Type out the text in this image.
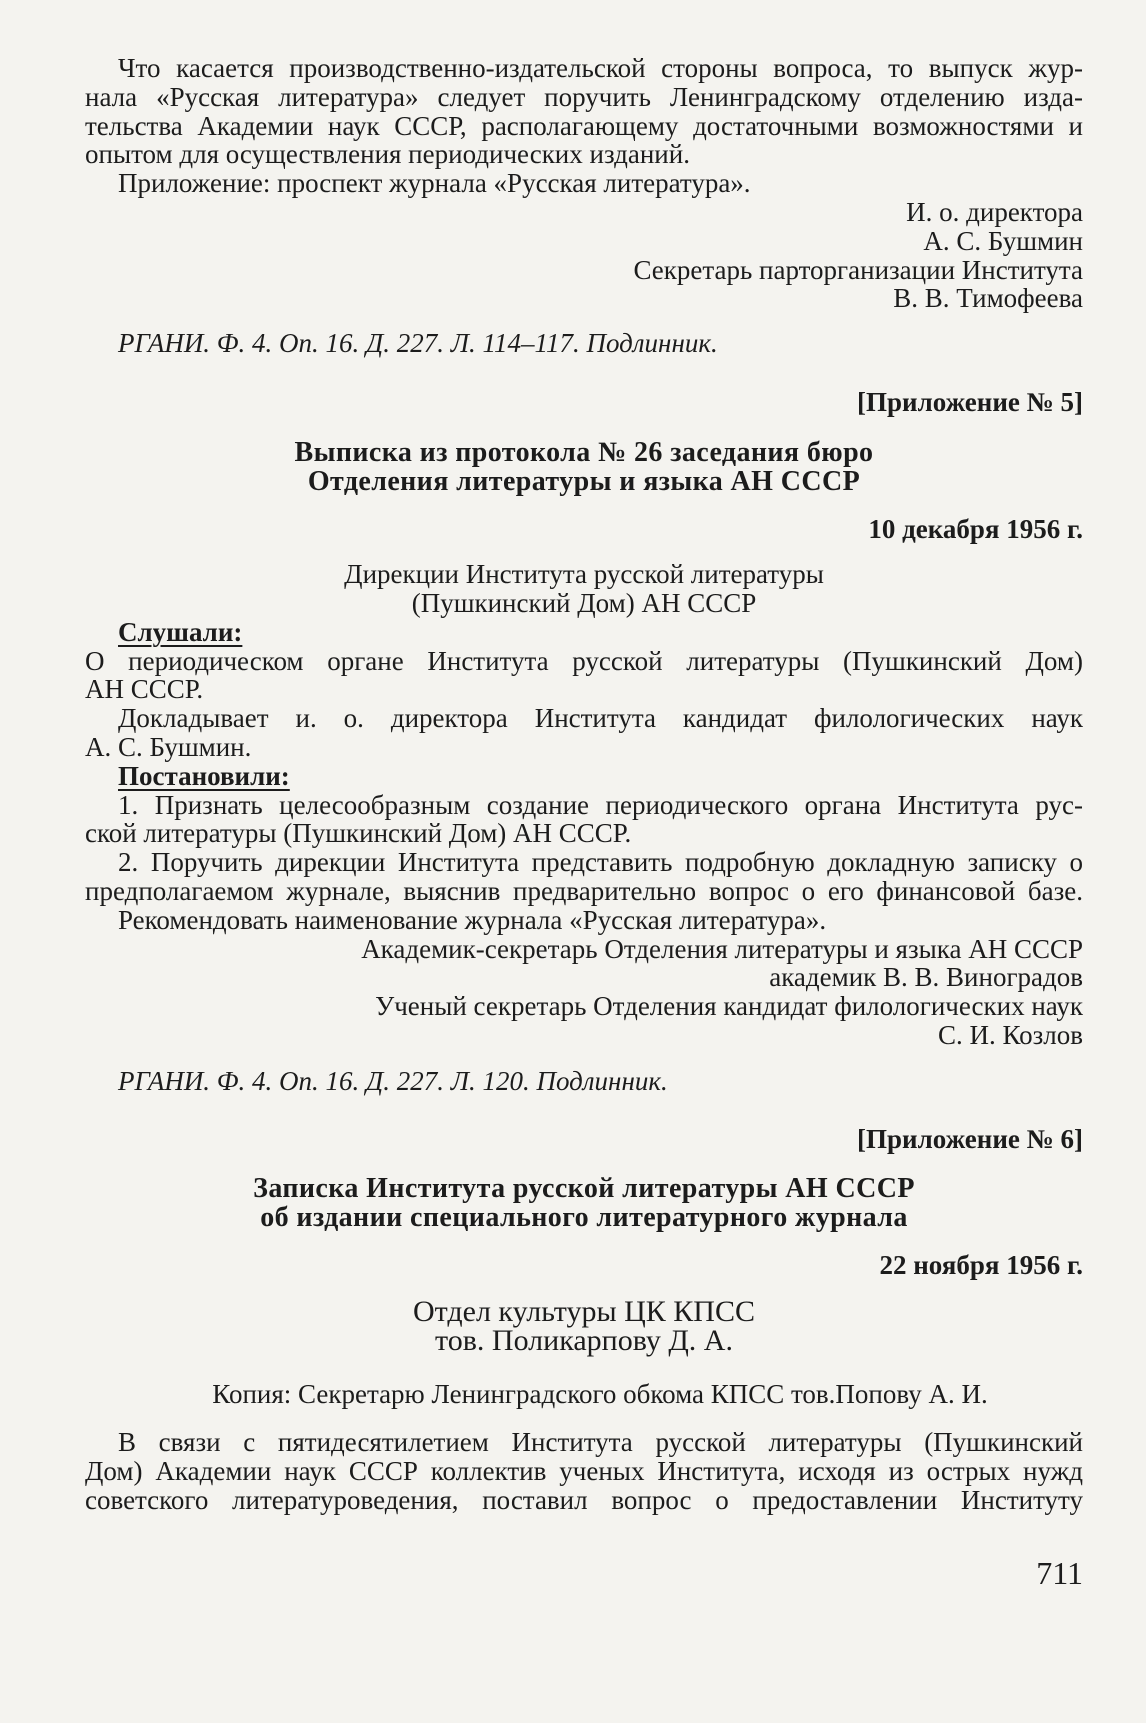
Что касается производственно-издательской стороны вопроса, то выпуск жур-
нала «Русская литература» следует поручить Ленинградскому отделению изда-
тельства Академии наук СССР, располагающему достаточными возможностями и
опытом для осуществления периодических изданий.
Приложение: проспект журнала «Русская литература».
И. о. директора
А. С. Бушмин
Секретарь парторганизации Института
В. В. Тимофеева
РГАНИ. Ф. 4. Оп. 16. Д. 227. Л. 114–117. Подлинник.
[Приложение № 5]
Выписка из протокола № 26 заседания бюро
Отделения литературы и языка АН СССР
10 декабря 1956 г.
Дирекции Института русской литературы
(Пушкинский Дом) АН СССР
Слушали:
О периодическом органе Института русской литературы (Пушкинский Дом)
АН СССР.
Докладывает и. о. директора Института кандидат филологических наук
А. С. Бушмин.
Постановили:
1. Признать целесообразным создание периодического органа Института рус-
ской литературы (Пушкинский Дом) АН СССР.
2. Поручить дирекции Института представить подробную докладную записку о
предполагаемом журнале, выяснив предварительно вопрос о его финансовой базе.
Рекомендовать наименование журнала «Русская литература».
Академик-секретарь Отделения литературы и языка АН СССР
академик В. В. Виноградов
Ученый секретарь Отделения кандидат филологических наук
С. И. Козлов
РГАНИ. Ф. 4. Оп. 16. Д. 227. Л. 120. Подлинник.
[Приложение № 6]
Записка Института русской литературы АН СССР
об издании специального литературного журнала
22 ноября 1956 г.
Отдел культуры ЦК КПСС
тов. Поликарпову Д. А.
Копия: Секретарю Ленинградского обкома КПСС тов.Попову А. И.
В связи с пятидесятилетием Института русской литературы (Пушкинский
Дом) Академии наук СССР коллектив ученых Института, исходя из острых нужд
советского литературоведения, поставил вопрос о предоставлении Институту
711
